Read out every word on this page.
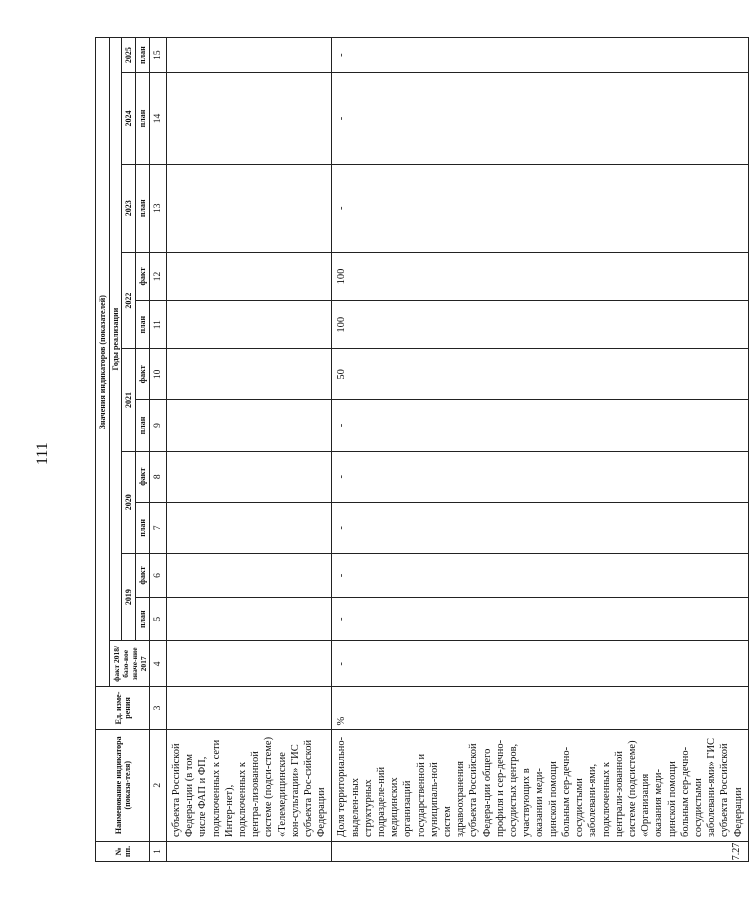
111
№ пп.	Наименование индикатора (показа-теля)	Ед. изме-рения	Значения индикаторов (показателей)											
			факт 2018/базо-вое значе-ние 2017	Годы реализации										
				2019		2020		2021		2022		2023	2024	2025
				план	факт	план	факт	план	факт	план	факт	план	план	план

1	2	3	4	5	6	7	8	9	10	11	12	13	14	15
	субъекта Российской Федера-ции (в том числе ФАП и ФП, подключенных к сети Интер-нет), подключенных к центра-лизованной системе (подси-стеме) «Телемедицинские кон-сультации» ГИС субъекта Рос-сийской Федерации													
7.27	Доля территориально-выделен-ных структурных подразделе-ний медицинских организаций государственной и муниципаль-ной систем здравоохранения субъекта Российской Федера-ции общего профиля и сер-дечно-сосудистых центров, участвующих в оказании меди-цинской помощи больным сер-дечно-сосудистыми заболевани-ями, подключенных к централи-зованной системе (подсистеме) «Организация оказания меди-цинской помощи больным сер-дечно-сосудистыми заболевани-ями» ГИС субъекта Российской Федерации	%	-	-	-	-	-	-	50	100	100	-	-	-
